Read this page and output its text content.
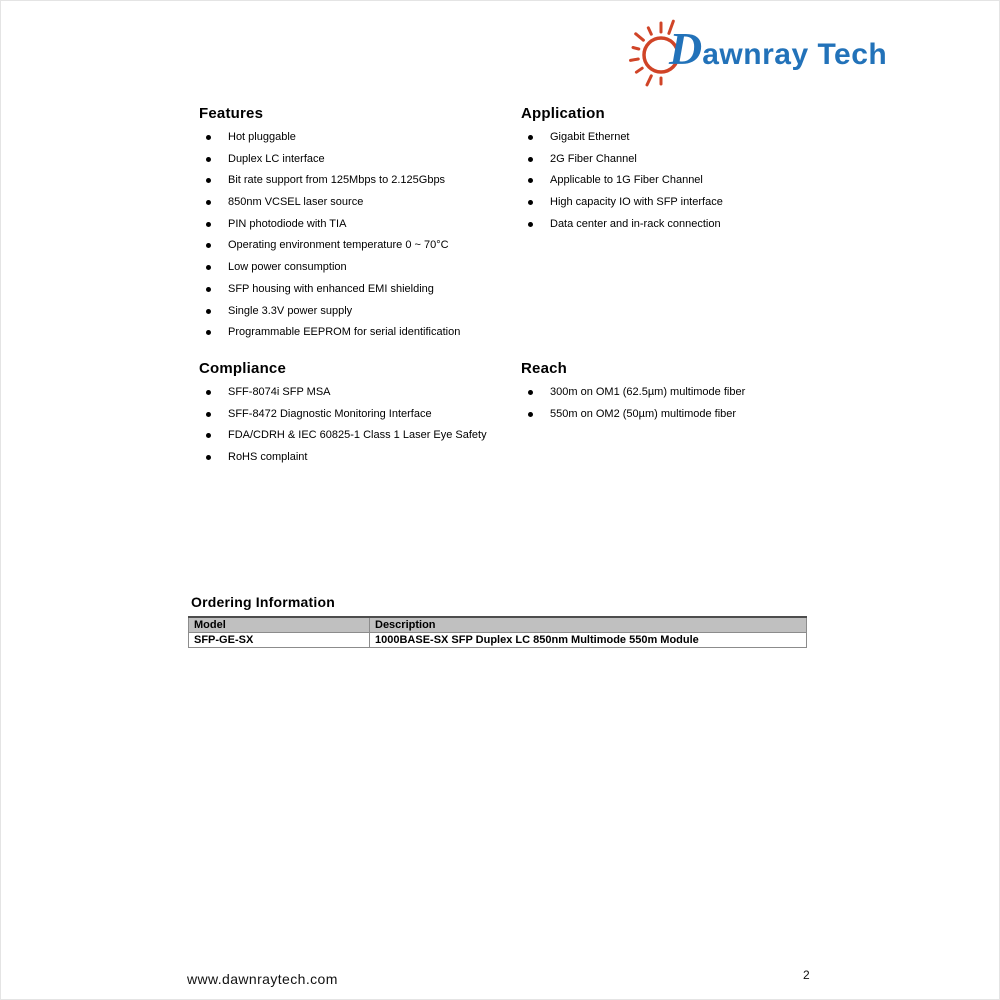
Dawnray Tech
Features
Hot pluggable
Duplex LC interface
Bit rate support from 125Mbps to 2.125Gbps
850nm VCSEL laser source
PIN photodiode with TIA
Operating environment temperature 0 ~ 70°C
Low power consumption
SFP housing with enhanced EMI shielding
Single 3.3V power supply
Programmable EEPROM for serial identification
Application
Gigabit Ethernet
2G Fiber Channel
Applicable to 1G Fiber Channel
High capacity IO with SFP interface
Data center and in-rack connection
Compliance
SFF-8074i SFP MSA
SFF-8472 Diagnostic Monitoring Interface
FDA/CDRH & IEC 60825-1 Class 1 Laser Eye Safety
RoHS complaint
Reach
300m on OM1 (62.5µm) multimode fiber
550m on OM2 (50µm) multimode fiber
Ordering Information
Model	Description
SFP-GE-SX	1000BASE-SX SFP Duplex LC 850nm Multimode 550m Module
www.dawnraytech.com	2
